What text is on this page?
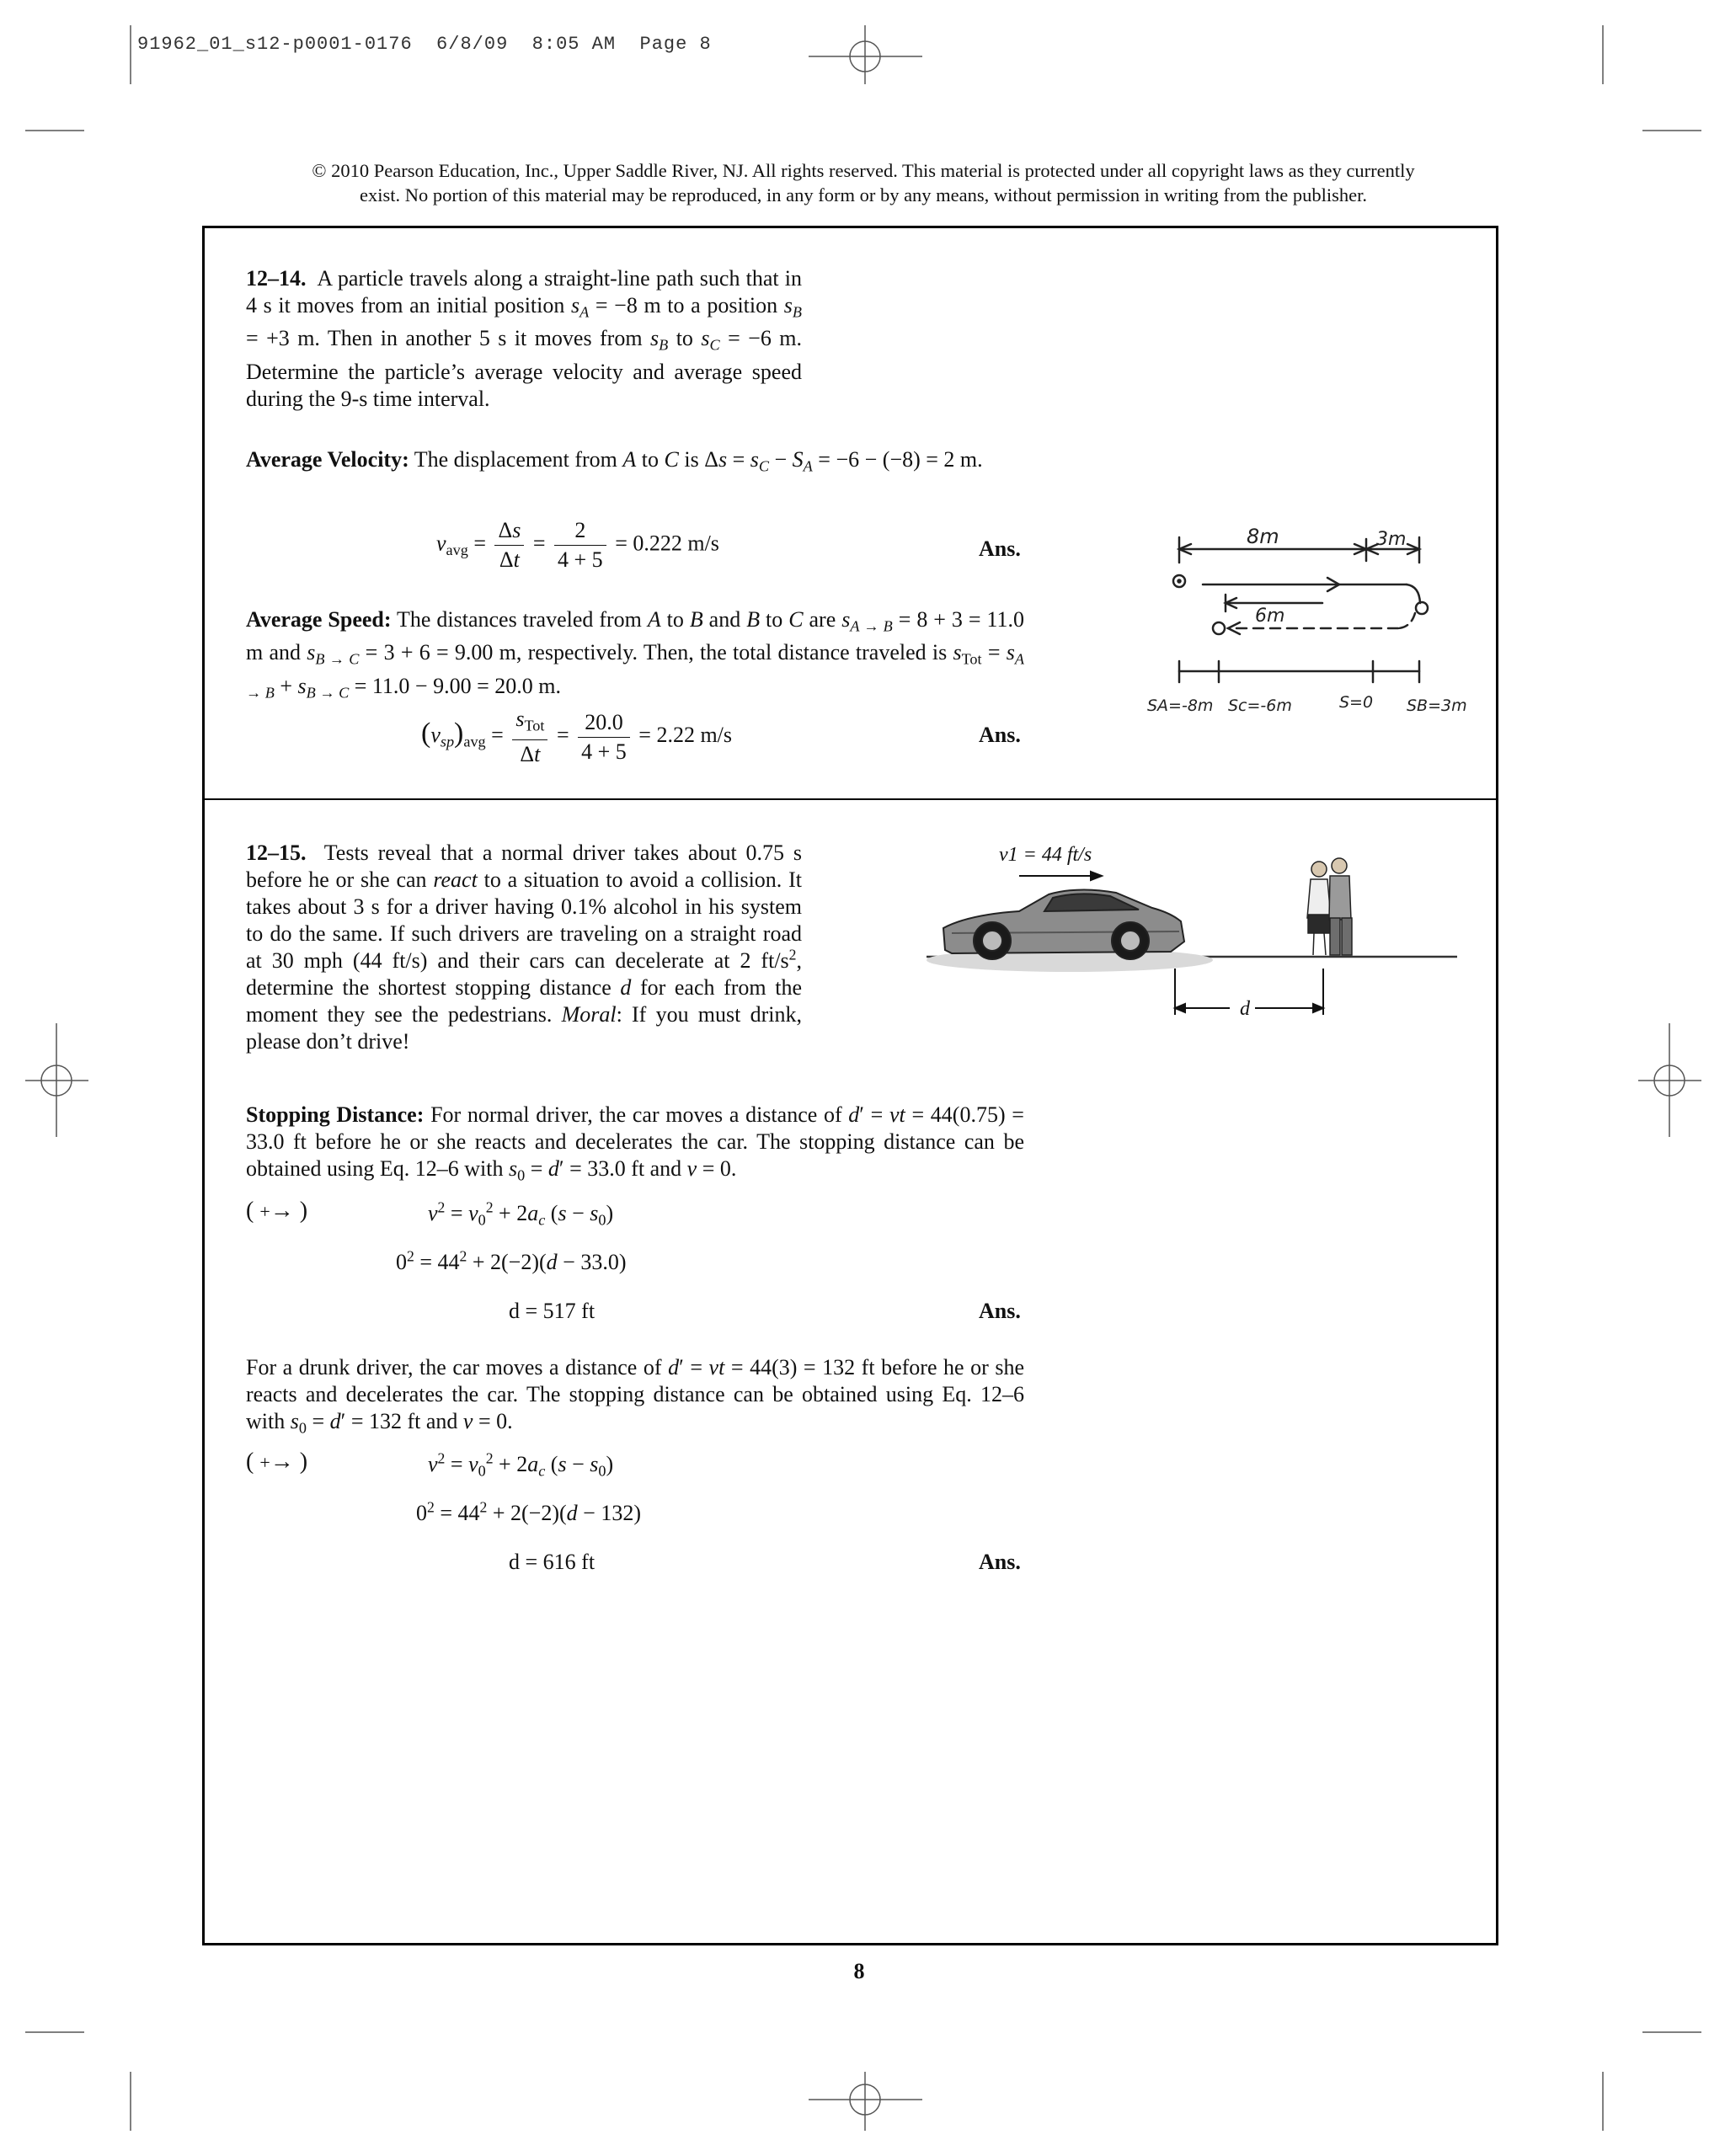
91962_01_s12-p0001-0176  6/8/09  8:05 AM  Page 8
© 2010 Pearson Education, Inc., Upper Saddle River, NJ. All rights reserved. This material is protected under all copyright laws as they currently
exist. No portion of this material may be reproduced, in any form or by any means, without permission in writing from the publisher.
12–14.  A particle travels along a straight-line path such that in 4 s it moves from an initial position $s_A = -8$ m to a position $s_B = +3$ m. Then in another 5 s it moves from $s_B$ to $s_C = -6$ m. Determine the particle’s average velocity and average speed during the 9-s time interval.
Average Velocity: The displacement from A to C is $\Delta s = s_C - S_A = -6 - (-8) = 2$ m.
$v_{avg} = \frac{\Delta s}{\Delta t} = \frac{2}{4 + 5} = 0.222$ m/s	Ans.
Average Speed: The distances traveled from A to B and B to C are $s_{A \to B} = 8 + 3 = 11.0$ m and $s_{B \to C} = 3 + 6 = 9.00$ m, respectively. Then, the total distance traveled is $s_{Tot} = s_{A \to B} + s_{B \to C} = 11.0 - 9.00 = 20.0$ m.
$(v_{sp})_{avg} = \frac{s_{Tot}}{\Delta t} = \frac{20.0}{4 + 5} = 2.22$ m/s	Ans.
8m	3m
6m
SA=-8m Sc=-6m	S=0 SB=3m
12–15.  Tests reveal that a normal driver takes about 0.75 s before he or she can react to a situation to avoid a collision. It takes about 3 s for a driver having 0.1% alcohol in his system to do the same. If such drivers are traveling on a straight road at 30 mph (44 ft/s) and their cars can decelerate at 2 $ft/s^2$, determine the shortest stopping distance d for each from the moment they see the pedestrians. Moral: If you must drink, please don’t drive!
v1 = 44 ft/s
d
Stopping Distance: For normal driver, the car moves a distance of d′ = vt = 44(0.75) = 33.0 ft before he or she reacts and decelerates the car. The stopping distance can be obtained using Eq. 12–6 with $s_0 = d' = 33.0$ ft and v = 0.
( +→ )	$v^2 = v_0^2 + 2a_c$ $(s - s_0)$
$0^2 = 44^2 + 2(-2)(d - 33.0)$
d = 517 ft	Ans.
For a drunk driver, the car moves a distance of d′ = vt = 44(3) = 132 ft before he or she reacts and decelerates the car. The stopping distance can be obtained using Eq. 12–6 with $s_0 = d' = 132$ ft and v = 0.
( +→ )	$v^2 = v_0^2 + 2a_c$ $(s - s_0)$
$0^2 = 44^2 + 2(-2)(d - 132)$
d = 616 ft	Ans.
8
